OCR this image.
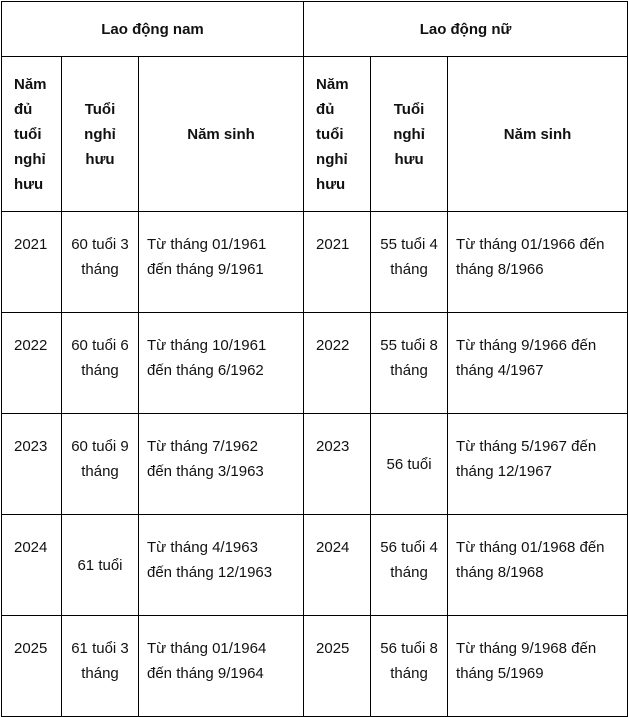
Lao động nam			Lao động nữ		
Năm
đủ
tuổi
nghỉ
hưu	Tuổi
nghỉ
hưu	Năm sinh	Năm
đủ
tuổi
nghỉ
hưu	Tuổi
nghỉ
hưu	Năm sinh
2021	60 tuổi 3
tháng	Từ tháng 01/1961
đến tháng 9/1961	2021	55 tuổi 4
tháng	Từ tháng 01/1966 đến
tháng 8/1966
2022	60 tuổi 6
tháng	Từ tháng 10/1961
đến tháng 6/1962	2022	55 tuổi 8
tháng	Từ tháng 9/1966 đến
tháng 4/1967
2023	60 tuổi 9
tháng	Từ tháng 7/1962
đến tháng 3/1963	2023	56 tuổi	Từ tháng 5/1967 đến
tháng 12/1967
2024	61 tuổi	Từ tháng 4/1963
đến tháng 12/1963	2024	56 tuổi 4
tháng	Từ tháng 01/1968 đến
tháng 8/1968
2025	61 tuổi 3
tháng	Từ tháng 01/1964
đến tháng 9/1964	2025	56 tuổi 8
tháng	Từ tháng 9/1968 đến
tháng 5/1969
